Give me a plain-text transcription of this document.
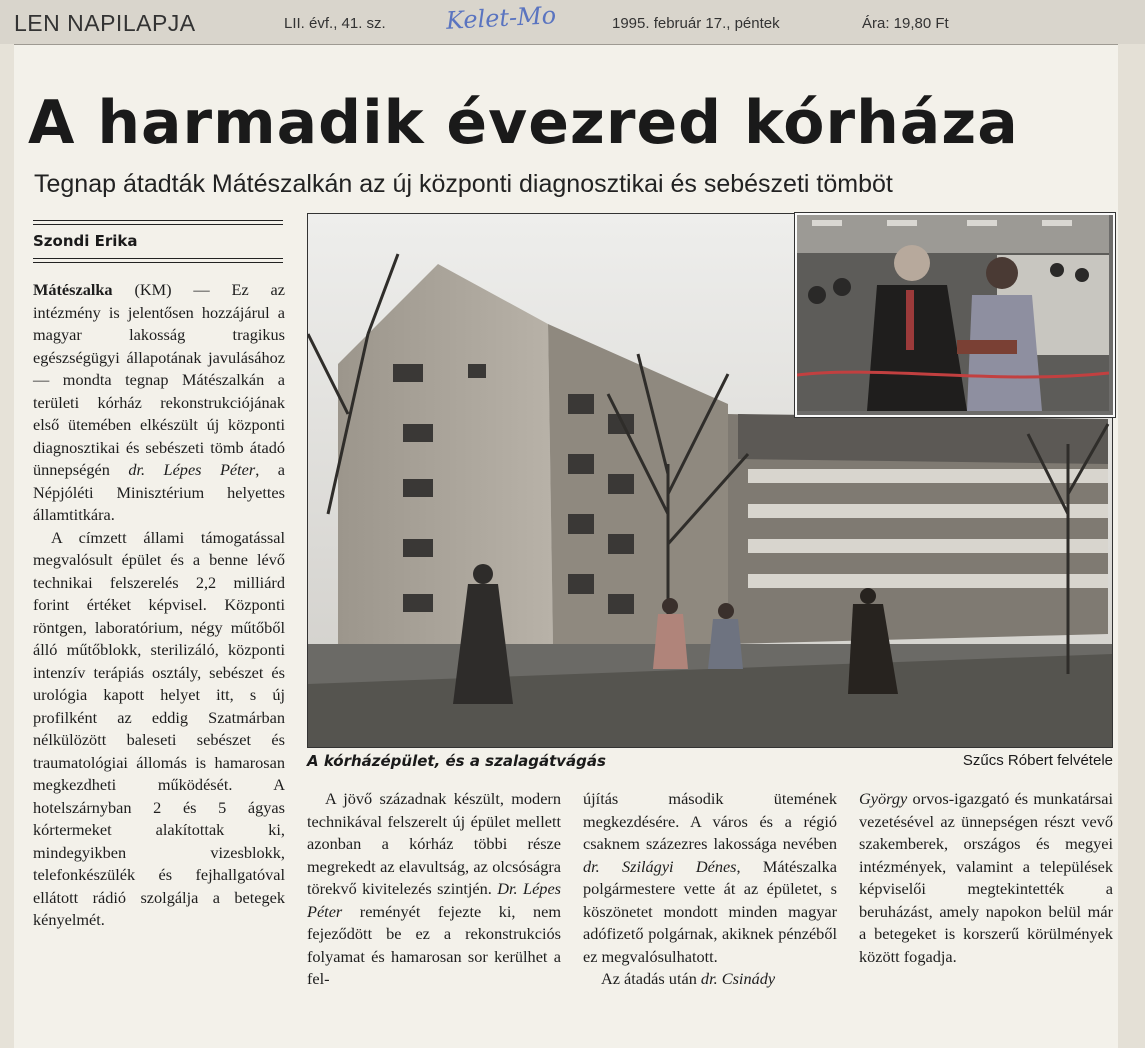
LEN NAPILAPJA	LII. évf., 41. sz. Kelet-Mo	1995. február 17., péntek	Ára: 19,80 Ft
A harmadik évezred kórháza
Tegnap átadták Mátészalkán az új központi diagnosztikai és sebészeti tömböt
Szondi Erika

Mátészalka (KM) — Ez az intézmény is jelentősen hozzájárul a magyar lakosság tragikus egészségügyi állapotának javulásához — mondta tegnap Mátészalkán a területi kórház rekonstrukciójának első ütemében elkészült új központi diagnosztikai és sebészeti tömb átadó ünnepségén dr. Lépes Péter, a Népjóléti Minisztérium helyettes államtitkára.

A címzett állami támogatással megvalósult épület és a benne lévő technikai felszerelés 2,2 milliárd forint értéket képvisel. Központi röntgen, laboratórium, négy műtőből álló műtőblokk, sterilizáló, központi intenzív terápiás osztály, sebészet és urológia kapott helyet itt, s új profilként az eddig Szatmárban nélkülözött baleseti sebészet és traumatológiai állomás is hamarosan megkezdheti működését. A hotelszárnyban 2 és 5 ágyas kórtermeket alakítottak ki, mindegyikben vizesblokk, telefonkészülék és fejhallgatóval ellátott rádió szolgálja a betegek kényelmét.

A kórházépület, és a szalagátvágás	Szűcs Róbert felvétele

A jövő századnak készült, modern technikával felszerelt új épület mellett azonban a kórház többi része megrekedt az elavultság, az olcsóságra törekvő kivitelezés szintjén. Dr. Lépes Péter reményét fejezte ki, nem fejeződött be ez a rekonstrukciós folyamat és hamarosan sor kerülhet a fel-

újítás második ütemének megkezdésére. A város és a régió csaknem százezres lakossága nevében dr. Szilágyi Dénes, Mátészalka polgármestere vette át az épületet, s köszönetet mondott minden magyar adófizető polgárnak, akiknek pénzéből ez megvalósulhatott.

Az átadás után dr. Csinády

György orvos-igazgató és munkatársai vezetésével az ünnepségen részt vevő szakemberek, országos és megyei intézmények, valamint a települések képviselői megtekintették a beruházást, amely napokon belül már a betegeket is korszerű körülmények között fogadja.
